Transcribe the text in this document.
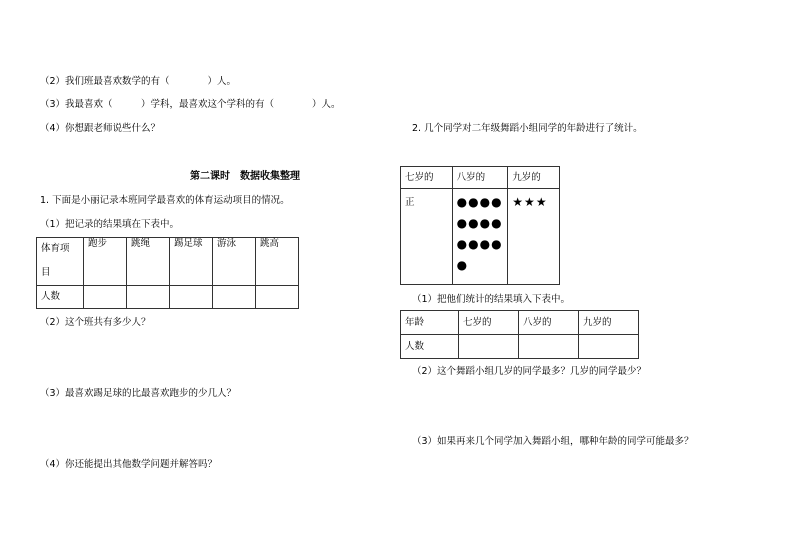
（2）我们班最喜欢数学的有（　　　　）人。
（3）我最喜欢（　　　）学科，最喜欢这个学科的有（　　　　）人。
（4）你想跟老师说些什么？
第二课时　数据收集整理
1. 下面是小丽记录本班同学最喜欢的体育运动项目的情况。
（1）把记录的结果填在下表中。
体育项
目	跑步	跳绳	踢足球	游泳	跳高
人数					
（2）这个班共有多少人？
（3）最喜欢踢足球的比最喜欢跑步的少几人？
（4）你还能提出其他数学问题并解答吗？
2. 几个同学对二年级舞蹈小组同学的年龄进行了统计。
七岁的	八岁的	九岁的
正	●●●●
●●●●
●●●●
●	★★★
（1）把他们统计的结果填入下表中。
年龄	七岁的	八岁的	九岁的
人数			
（2）这个舞蹈小组几岁的同学最多？几岁的同学最少？
（3）如果再来几个同学加入舞蹈小组，哪种年龄的同学可能最多？
